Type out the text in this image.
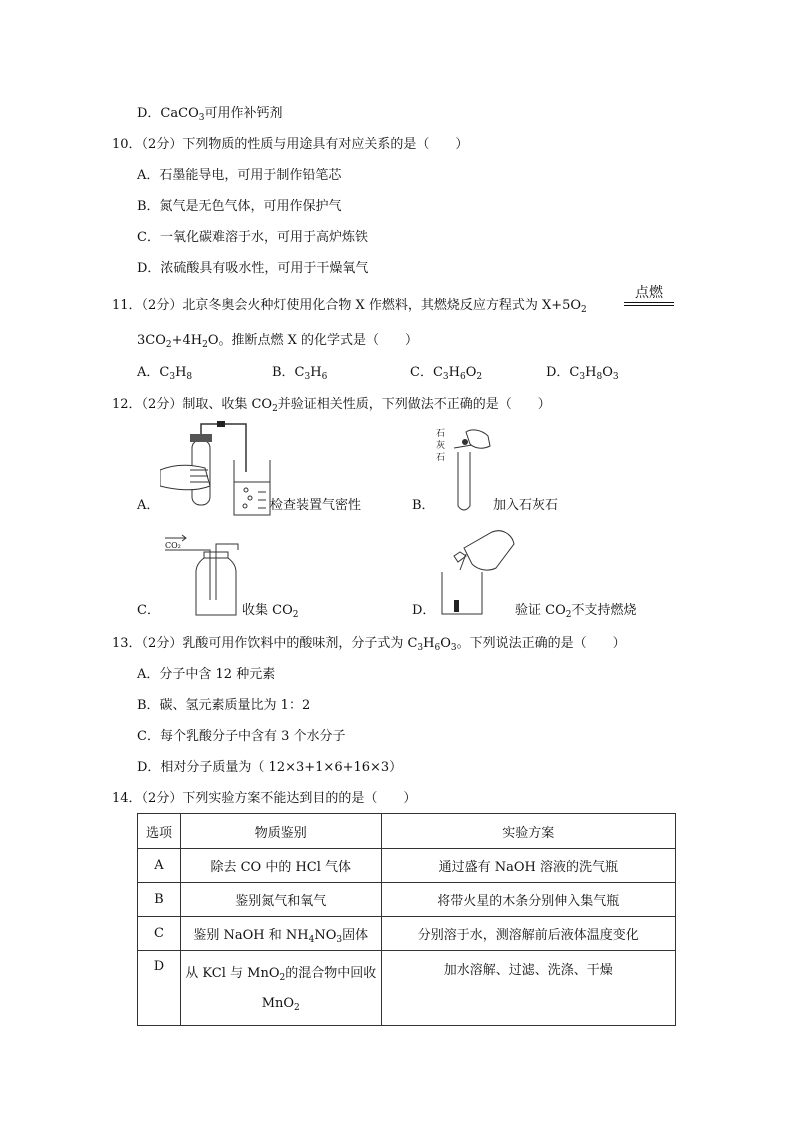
D．CaCO$_3$可用作补钙剂
10．（2分）下列物质的性质与用途具有对应关系的是（　　）
A．石墨能导电，可用于制作铅笔芯
B．氮气是无色气体，可用作保护气
C．一氧化碳难溶于水，可用于高炉炼铁
D．浓硫酸具有吸水性，可用于干燥氧气
11．（2分）北京冬奥会火种灯使用化合物 X 作燃料，其燃烧反应方程式为 $X+5O_2$
点燃
$3CO_2+4H_2O$。推断点燃 X 的化学式是（　　）
A．$C_3H_8$	B．$C_3H_6$	C．$C_3H_6O_2$	D．$C_3H_8O_3$
12．（2分）制取、收集 $CO_2$并验证相关性质，下列做法不正确的是（　　）
A．	检查装置气密性	B．
石
灰
石
加入石灰石
C．
CO₂
收集 $CO_2$	D．	验证 $CO_2$不支持燃烧
13．（2分）乳酸可用作饮料中的酸味剂，分子式为 $C_3H_6O_3$。下列说法正确的是（　　）
A．分子中含 12 种元素
B．碳、氢元素质量比为 1：2
C．每个乳酸分子中含有 3 个水分子
D．相对分子质量为（ 12×3+1×6+16×3）
14．（2分）下列实验方案不能达到目的的是（　　）
选项	物质鉴别	实验方案
A	除去 CO 中的 HCl 气体	通过盛有 NaOH 溶液的洗气瓶
B	鉴别氮气和氧气	将带火星的木条分别伸入集气瓶
C	鉴别 NaOH 和 $NH_4NO_3$固体	分别溶于水，测溶解前后液体温度变化
D	从 KCl 与 MnO$_2$的混合物中回收
MnO$_2$	加水溶解、过滤、洗涤、干燥
